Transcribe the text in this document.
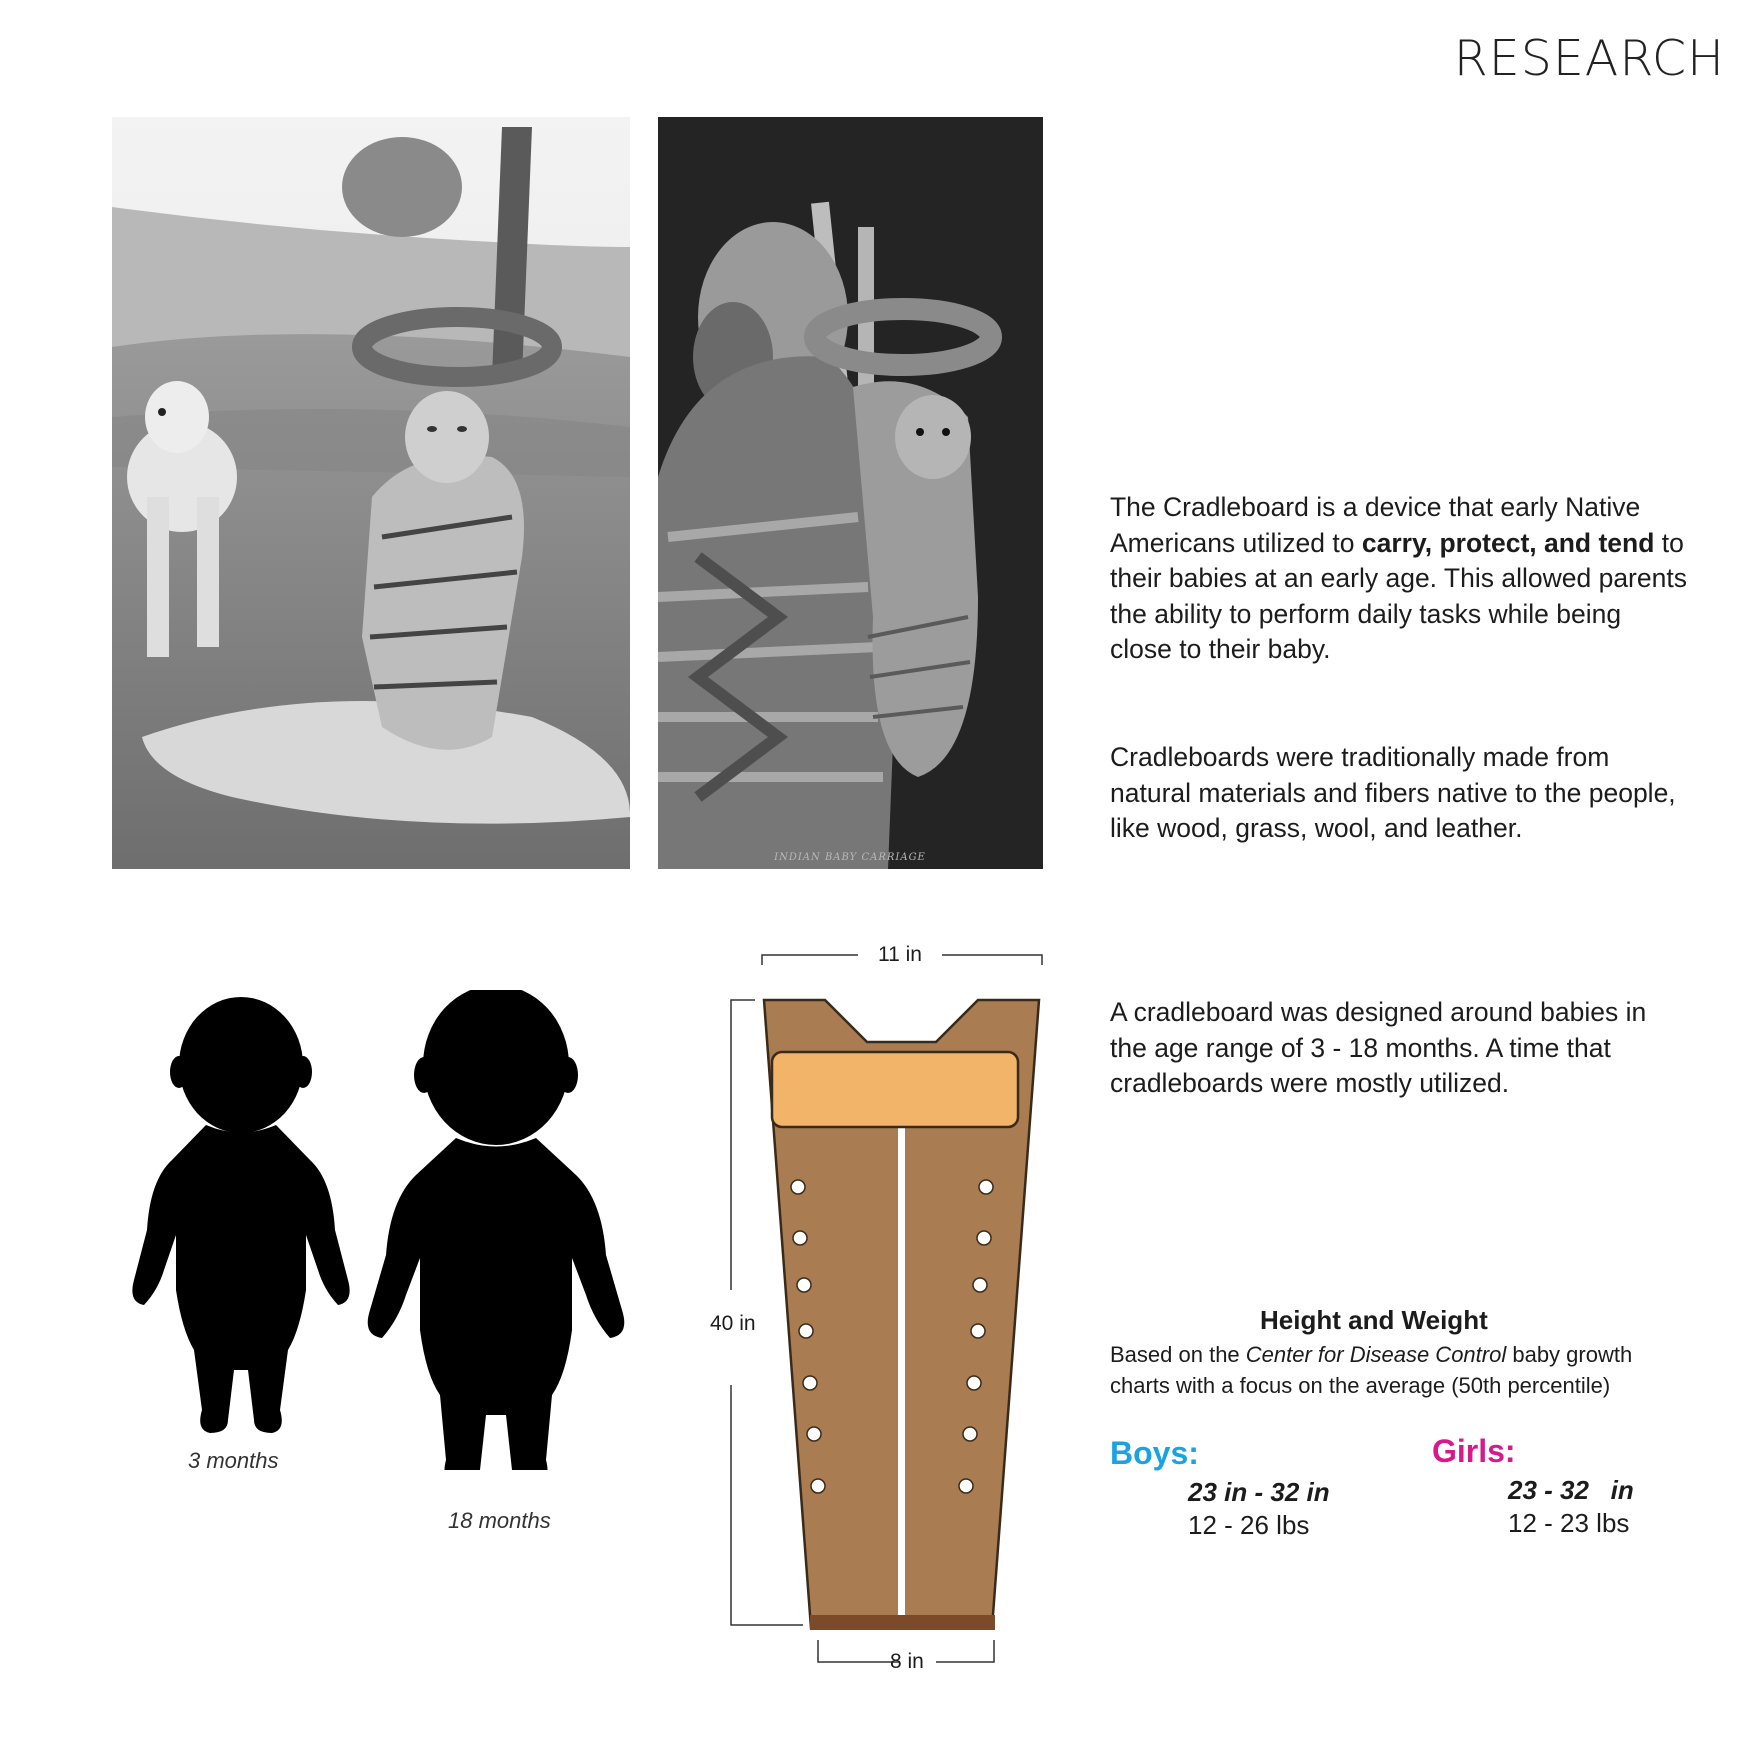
RESEARCH
INDIAN BABY CARRIAGE
The Cradleboard is a device that early Native Americans utilized to carry, protect, and tend to their babies at an early age. This allowed parents the ability to perform daily tasks while being close to their baby.
Cradleboards were traditionally made from natural materials and fibers native to the people, like wood, grass, wool, and leather.
A cradleboard was designed around babies in the age range of 3 - 18 months. A time that cradleboards were mostly utilized.
3 months
18 months
11 in
40 in
8 in
Height and Weight
Based on the Center for Disease Control baby growth charts with a focus on the average (50th percentile)
Boys:
23 in - 32 in
12 - 26 lbs
Girls:
23 - 32   in
12 - 23 lbs
